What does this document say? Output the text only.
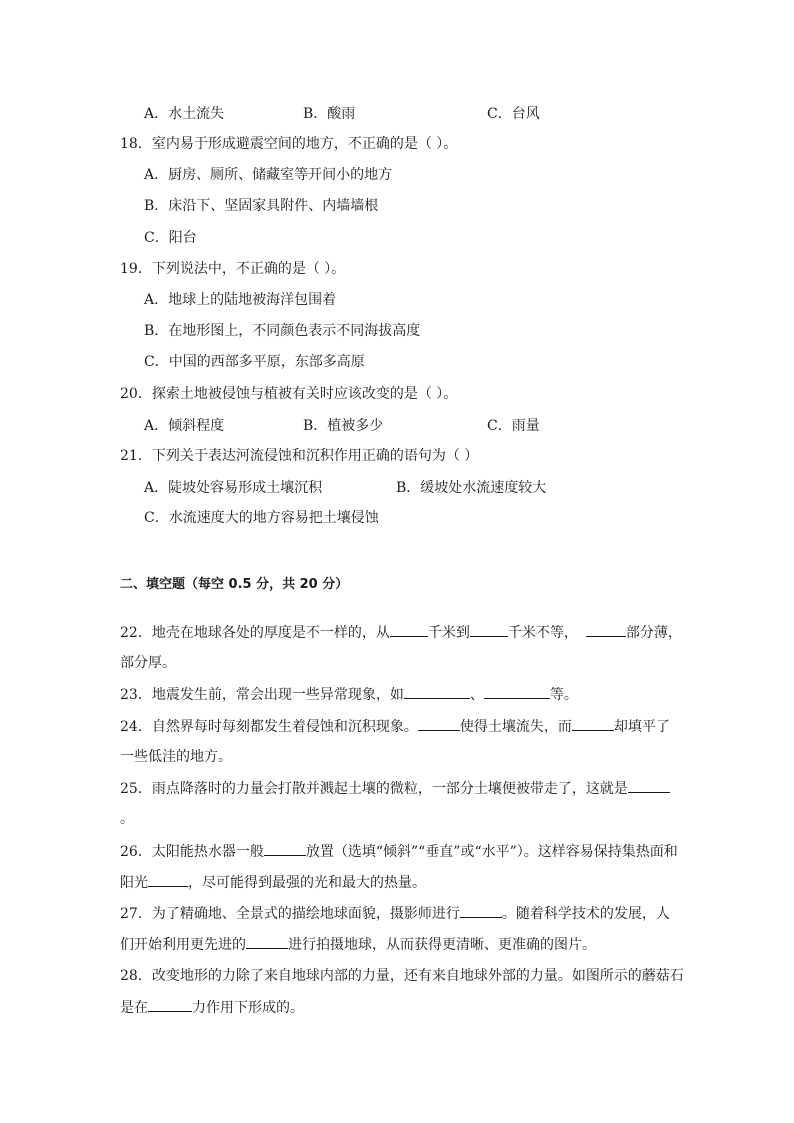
A．水土流失	B．酸雨	C．台风
18．室内易于形成避震空间的地方，不正确的是（ ）。
A．厨房、厕所、储藏室等开间小的地方
B．床沿下、坚固家具附件、内墙墙根
C．阳台
19．下列说法中，不正确的是（ ）。
A．地球上的陆地被海洋包围着
B．在地形图上，不同颜色表示不同海拔高度
C．中国的西部多平原，东部多高原
20．探索土地被侵蚀与植被有关时应该改变的是（ ）。
A．倾斜程度	B．植被多少	C．雨量
21．下列关于表达河流侵蚀和沉积作用正确的语句为（ ）
A．陡坡处容易形成土壤沉积	B．缓坡处水流速度较大
C．水流速度大的地方容易把土壤侵蚀
二、填空题（每空 0.5 分，共 20 分）
22．地壳在地球各处的厚度是不一样的，从	千米到	千米不等，	部分薄，
部分厚。
23．地震发生前，常会出现一些异常现象，如	、	等。
24．自然界每时每刻都发生着侵蚀和沉积现象。	使得土壤流失，而	却填平了
一些低洼的地方。
25．雨点降落时的力量会打散并溅起土壤的微粒，一部分土壤便被带走了，这就是
。
26．太阳能热水器一般	放置（选填“倾斜”“垂直”或“水平”）。这样容易保持集热面和
阳光	，尽可能得到最强的光和最大的热量。
27．为了精确地、全景式的描绘地球面貌，摄影师进行	。随着科学技术的发展，人
们开始利用更先进的	进行拍摄地球，从而获得更清晰、更准确的图片。
28．改变地形的力除了来自地球内部的力量，还有来自地球外部的力量。如图所示的蘑菇石
是在	力作用下形成的。
